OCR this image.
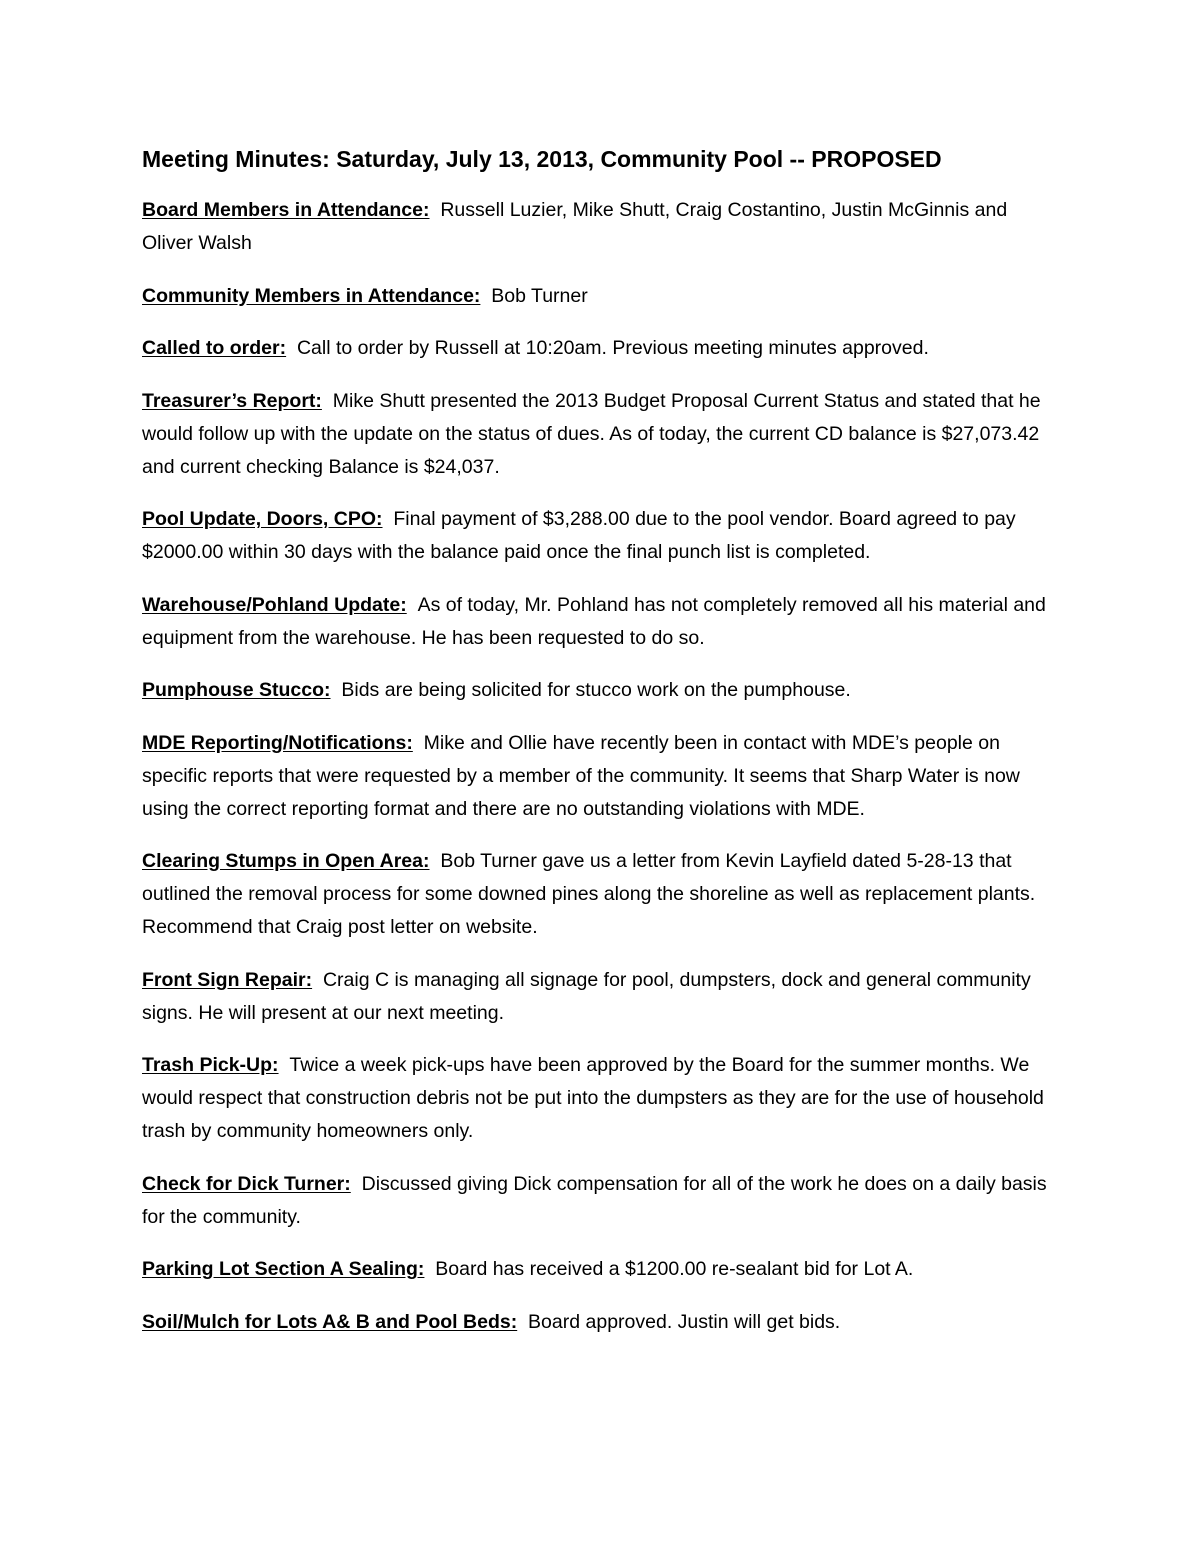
Meeting Minutes: Saturday, July 13, 2013, Community Pool -- PROPOSED
Board Members in Attendance: Russell Luzier, Mike Shutt, Craig Costantino, Justin McGinnis and Oliver Walsh
Community Members in Attendance: Bob Turner
Called to order: Call to order by Russell at 10:20am. Previous meeting minutes approved.
Treasurer’s Report: Mike Shutt presented the 2013 Budget Proposal Current Status and stated that he would follow up with the update on the status of dues. As of today, the current CD balance is $27,073.42 and current checking Balance is $24,037.
Pool Update, Doors, CPO: Final payment of $3,288.00 due to the pool vendor. Board agreed to pay $2000.00 within 30 days with the balance paid once the final punch list is completed.
Warehouse/Pohland Update: As of today, Mr. Pohland has not completely removed all his material and equipment from the warehouse. He has been requested to do so.
Pumphouse Stucco: Bids are being solicited for stucco work on the pumphouse.
MDE Reporting/Notifications: Mike and Ollie have recently been in contact with MDE’s people on specific reports that were requested by a member of the community. It seems that Sharp Water is now using the correct reporting format and there are no outstanding violations with MDE.
Clearing Stumps in Open Area: Bob Turner gave us a letter from Kevin Layfield dated 5-28-13 that outlined the removal process for some downed pines along the shoreline as well as replacement plants. Recommend that Craig post letter on website.
Front Sign Repair: Craig C is managing all signage for pool, dumpsters, dock and general community signs. He will present at our next meeting.
Trash Pick-Up: Twice a week pick-ups have been approved by the Board for the summer months. We would respect that construction debris not be put into the dumpsters as they are for the use of household trash by community homeowners only.
Check for Dick Turner: Discussed giving Dick compensation for all of the work he does on a daily basis for the community.
Parking Lot Section A Sealing: Board has received a $1200.00 re-sealant bid for Lot A.
Soil/Mulch for Lots A& B and Pool Beds: Board approved. Justin will get bids.
